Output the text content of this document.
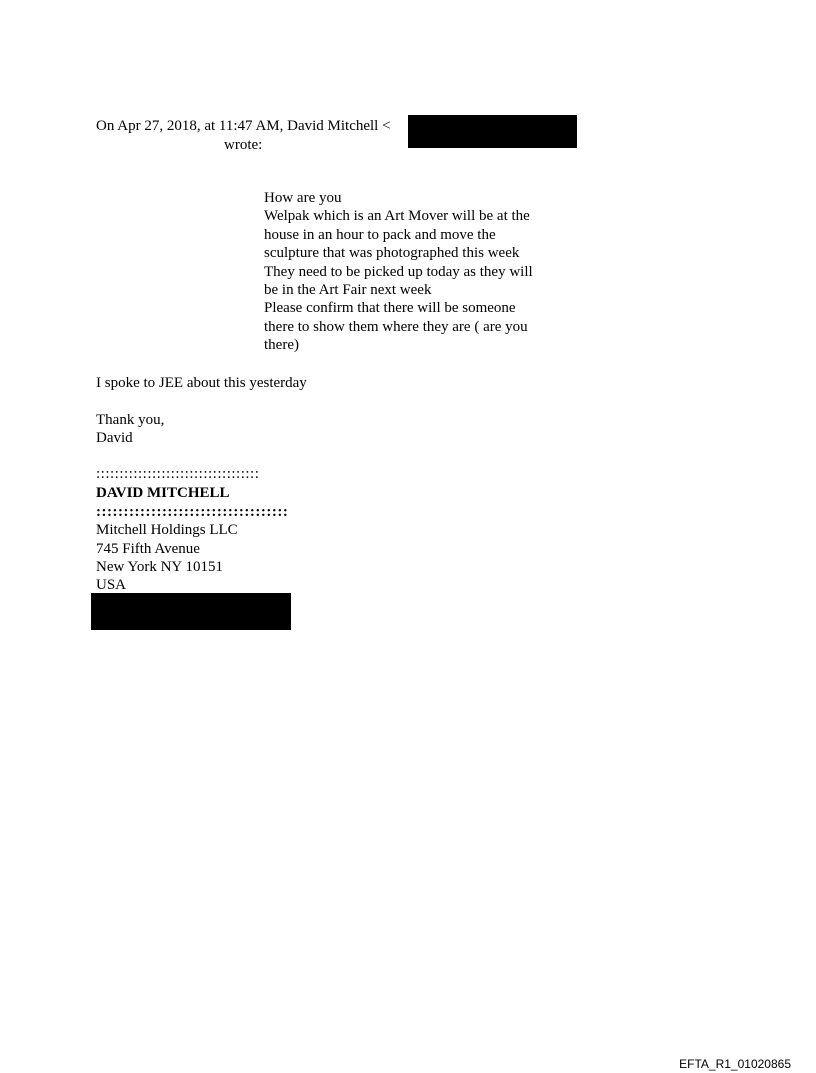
On Apr 27, 2018, at 11:47 AM, David Mitchell <
wrote:
How are you
Welpak which is an Art Mover will be at the
house in an hour to pack and move the
sculpture that was photographed this week
They need to be picked up today as they will
be in the Art Fair next week
Please confirm that there will be someone
there to show them where they are ( are you
there)
I spoke to JEE about this yesterday
Thank you,
David
:::::::::::::::::::::::::::::::::::
DAVID MITCHELL
:::::::::::::::::::::::::::::::::::
Mitchell Holdings LLC
745 Fifth Avenue
New York NY 10151
USA
EFTA_R1_01020865
